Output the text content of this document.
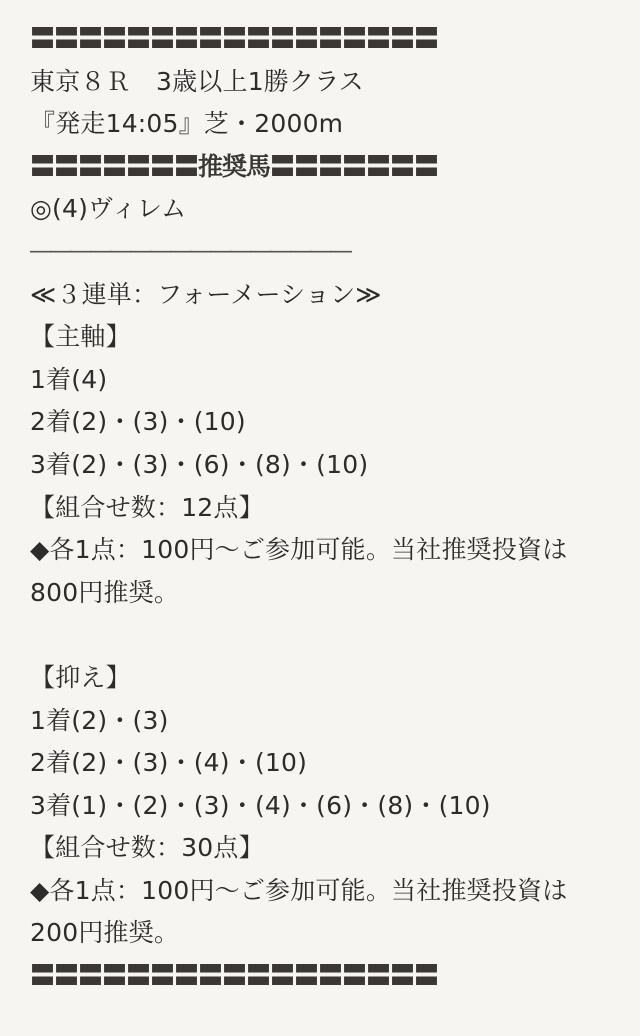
〓〓〓〓〓〓〓〓〓〓〓〓〓〓〓〓〓
東京８Ｒ　3歳以上1勝クラス
『発走14:05』芝・2000m
〓〓〓〓〓〓〓推奨馬〓〓〓〓〓〓〓
◎(4)ヴィレム
――――――――――――――――
≪３連単：フォーメーション≫
【主軸】
1着(4)
2着(2)・(3)・(10)
3着(2)・(3)・(6)・(8)・(10)
【組合せ数：12点】
◆各1点：100円〜ご参加可能。当社推奨投資は
800円推奨。
【抑え】
1着(2)・(3)
2着(2)・(3)・(4)・(10)
3着(1)・(2)・(3)・(4)・(6)・(8)・(10)
【組合せ数：30点】
◆各1点：100円〜ご参加可能。当社推奨投資は
200円推奨。
〓〓〓〓〓〓〓〓〓〓〓〓〓〓〓〓〓
